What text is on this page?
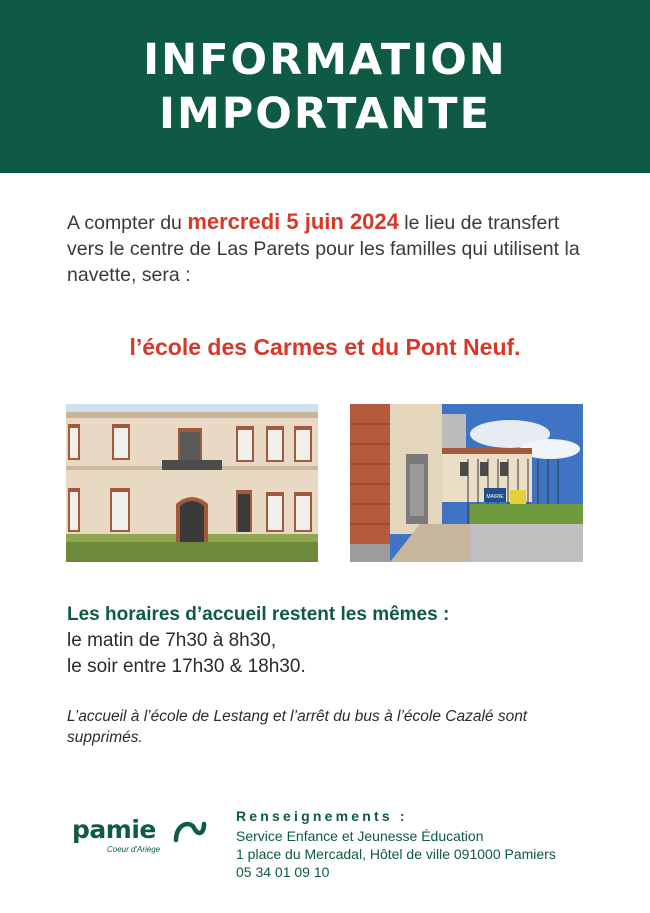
INFORMATION
IMPORTANTE
A compter du mercredi 5 juin 2024 le lieu de transfert vers le centre de Las Parets pour les familles qui utilisent la navette, sera :
l’école des Carmes et du Pont Neuf.
MAIRIE
Les horaires d’accueil restent les mêmes :
le matin de 7h30 à 8h30,
le soir entre 17h30 & 18h30.
L’accueil à l’école de Lestang et l’arrêt du bus à l’école Cazalé sont supprimés.
pamie
Coeur d'Ariège
Renseignements :
Service Enfance et Jeunesse Éducation
1 place du Mercadal, Hôtel de ville 091000 Pamiers
05 34 01 09 10
